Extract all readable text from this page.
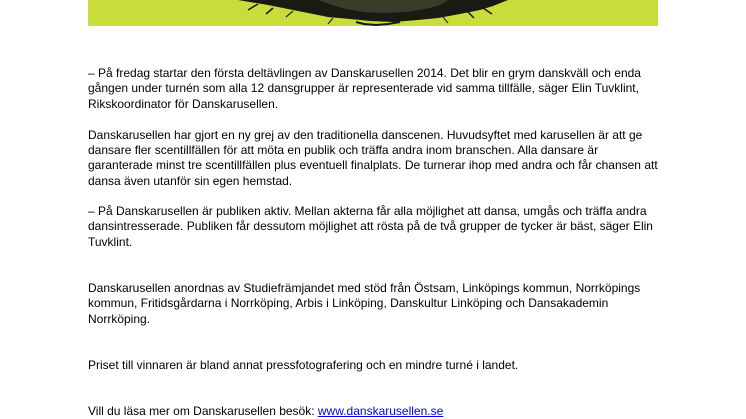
– På fredag startar den första deltävlingen av Danskarusellen 2014. Det blir en grym danskväll och enda gången under turnén som alla 12 dansgrupper är representerade vid samma tillfälle, säger Elin Tuvklint, Rikskoordinator för Danskarusellen.

Danskarusellen har gjort en ny grej av den traditionella danscenen. Huvudsyftet med karusellen är att ge dansare fler scentillfällen för att möta en publik och träffa andra inom branschen. Alla dansare är garanterade minst tre scentillfällen plus eventuell finalplats. De turnerar ihop med andra och får chansen att dansa även utanför sin egen hemstad.

– På Danskarusellen är publiken aktiv. Mellan akterna får alla möjlighet att dansa, umgås och träffa andra dansintresserade. Publiken får dessutom möjlighet att rösta på de två grupper de tycker är bäst, säger Elin Tuvklint.

Danskarusellen anordnas av Studiefrämjandet med stöd från Östsam, Linköpings kommun, Norrköpings kommun, Fritidsgårdarna i Norrköping, Arbis i Linköping, Danskultur Linköping och Dansakademin Norrköping.

Priset till vinnaren är bland annat pressfotografering och en mindre turné i landet.

Vill du läsa mer om Danskarusellen besök: www.danskarusellen.se
